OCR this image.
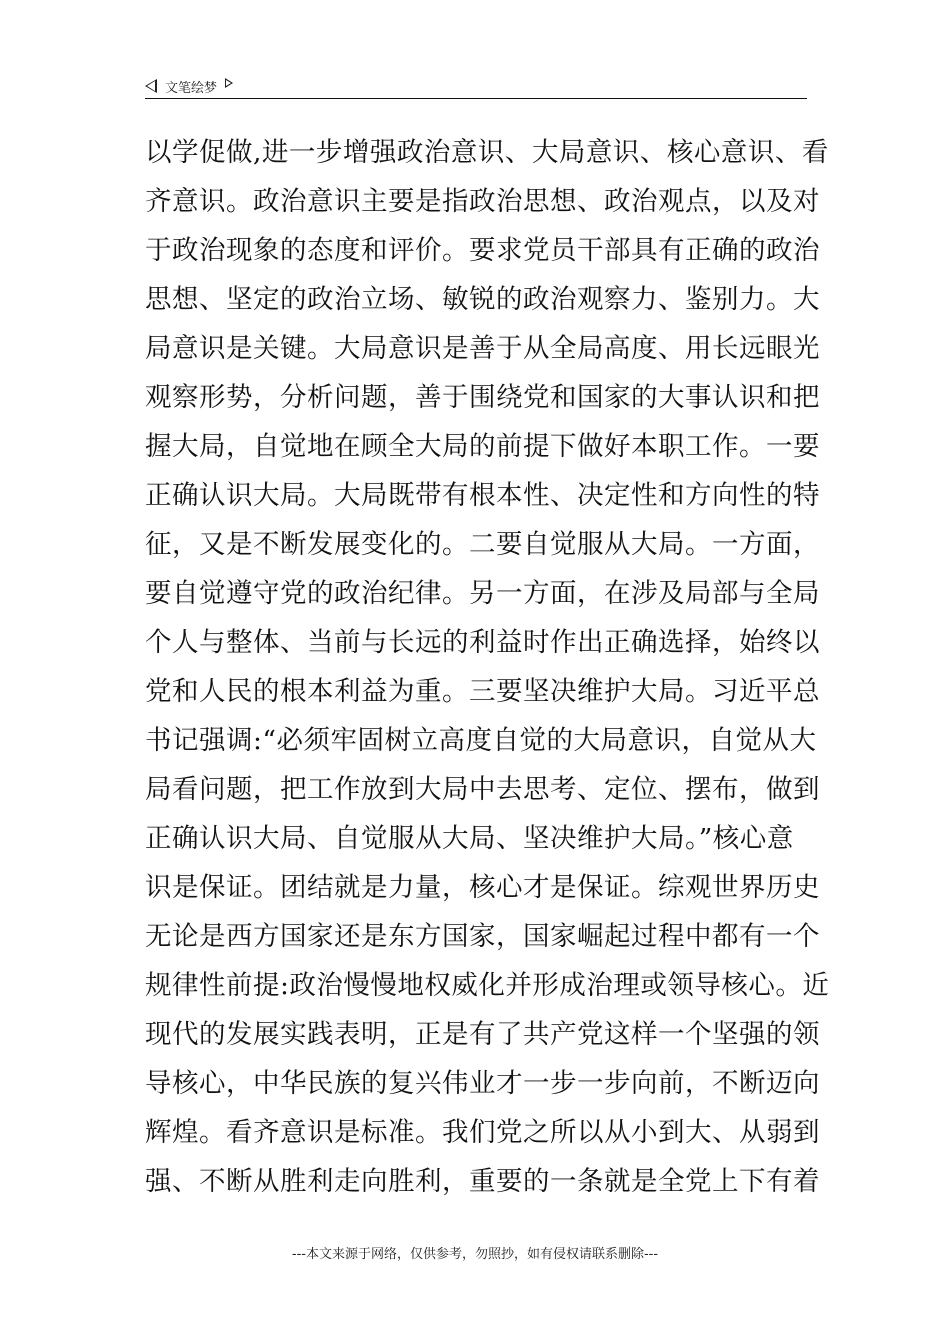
文笔绘梦
以学促做,进一步增强政治意识、大局意识、核心意识、看
齐意识。政治意识主要是指政治思想、政治观点，以及对
于政治现象的态度和评价。要求党员干部具有正确的政治
思想、坚定的政治立场、敏锐的政治观察力、鉴别力。大
局意识是关键。大局意识是善于从全局高度、用长远眼光
观察形势，分析问题，善于围绕党和国家的大事认识和把
握大局，自觉地在顾全大局的前提下做好本职工作。一要
正确认识大局。大局既带有根本性、决定性和方向性的特
征，又是不断发展变化的。二要自觉服从大局。一方面，
要自觉遵守党的政治纪律。另一方面，在涉及局部与全局
个人与整体、当前与长远的利益时作出正确选择，始终以
党和人民的根本利益为重。三要坚决维护大局。习近平总
书记强调:“必须牢固树立高度自觉的大局意识，自觉从大
局看问题，把工作放到大局中去思考、定位、摆布，做到
正确认识大局、自觉服从大局、坚决维护大局。”核心意
识是保证。团结就是力量，核心才是保证。综观世界历史
无论是西方国家还是东方国家，国家崛起过程中都有一个
规律性前提:政治慢慢地权威化并形成治理或领导核心。近
现代的发展实践表明，正是有了共产党这样一个坚强的领
导核心，中华民族的复兴伟业才一步一步向前，不断迈向
辉煌。看齐意识是标准。我们党之所以从小到大、从弱到
强、不断从胜利走向胜利，重要的一条就是全党上下有着
---本文来源于网络，仅供参考，勿照抄，如有侵权请联系删除---
